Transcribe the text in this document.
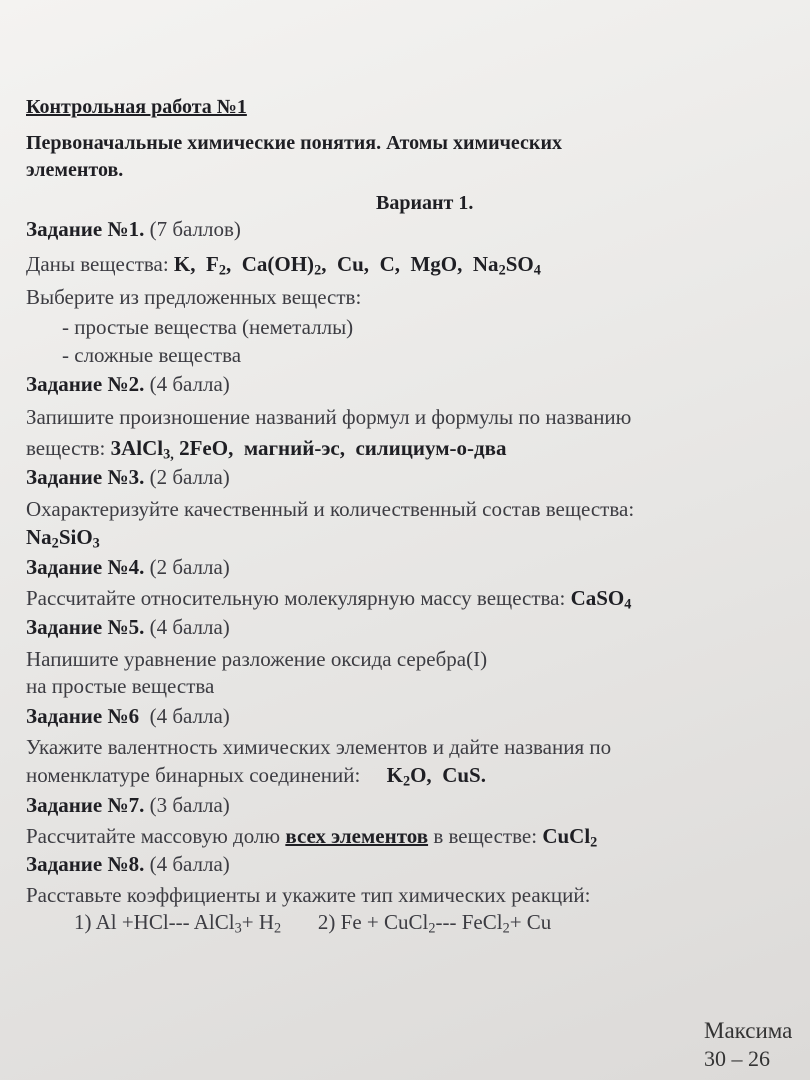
Контрольная работа №1
Первоначальные химические понятия. Атомы химических
элементов.
Вариант 1.
Задание №1. (7 баллов)
Даны вещества: K, $F_2$, $Ca(OH)_2$, Cu, C, MgO, $Na_2SO_4$
Выберите из предложенных веществ:
- простые вещества (неметаллы)
- сложные вещества
Задание №2. (4 балла)
Запишите произношение названий формул и формулы по названию
веществ: 3AlCl$_{3,}$ 2FeO, магний-эс, силициум-о-два
Задание №3. (2 балла)
Охарактеризуйте качественный и количественный состав вещества:
$Na_2SiO_3$
Задание №4. (2 балла)
Рассчитайте относительную молекулярную массу вещества: CaSO$_4$
Задание №5. (4 балла)
Напишите уравнение разложение оксида серебра(I)
на простые вещества
Задание №6 (4 балла)
Укажите валентность химических элементов и дайте названия по
номенклатуре бинарных соединений: $K_2O$, CuS.
Задание №7. (3 балла)
Рассчитайте массовую долю всех элементов в веществе: CuCl$_2$
Задание №8. (4 балла)
Расставьте коэффициенты и укажите тип химических реакций:
1) Al +HCl--- AlCl$_3$+ $H_2$ 2) Fe + CuCl$_2$--- FeCl$_2$+ Cu
Максима
30 – 26
